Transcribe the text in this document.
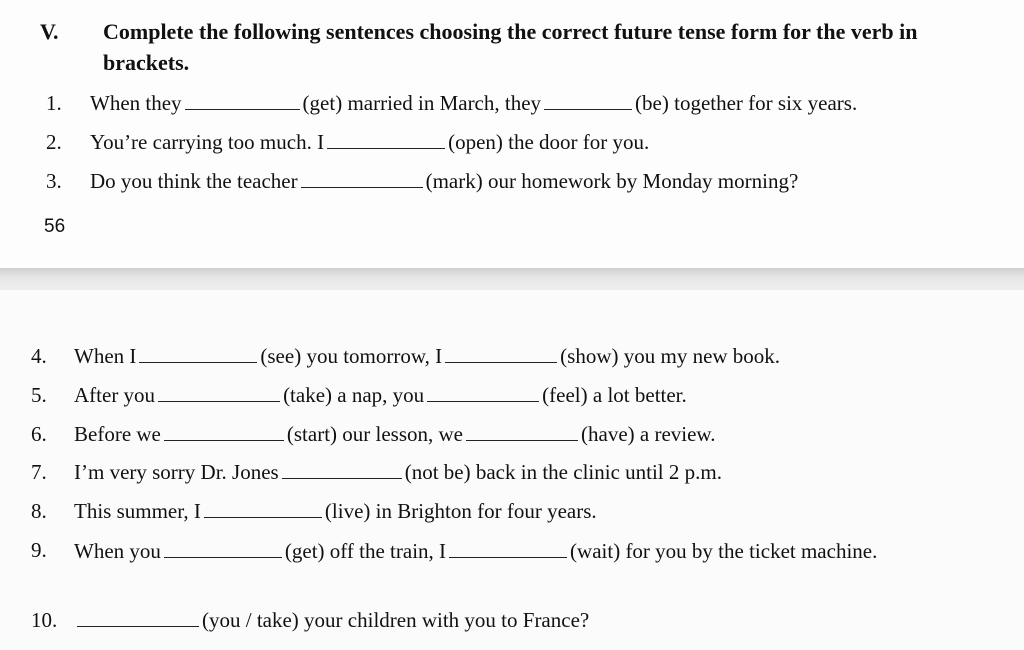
V. Complete the following sentences choosing the correct future tense form for the verb in brackets.
1. When they	(get) married in March, they	(be) together for six years.
2. You’re carrying too much. I	(open) the door for you.
3. Do you think the teacher	(mark) our homework by Monday morning?
56
4. When I	(see) you tomorrow, I	(show) you my new book.
5. After you	(take) a nap, you	(feel) a lot better.
6. Before we	(start) our lesson, we	(have) a review.
7. I’m very sorry Dr. Jones	(not be) back in the clinic until 2 p.m.
8. This summer, I	(live) in Brighton for four years.
9. When you	(get) off the train, I	(wait) for you by the ticket machine.
10.	(you / take) your children with you to France?
